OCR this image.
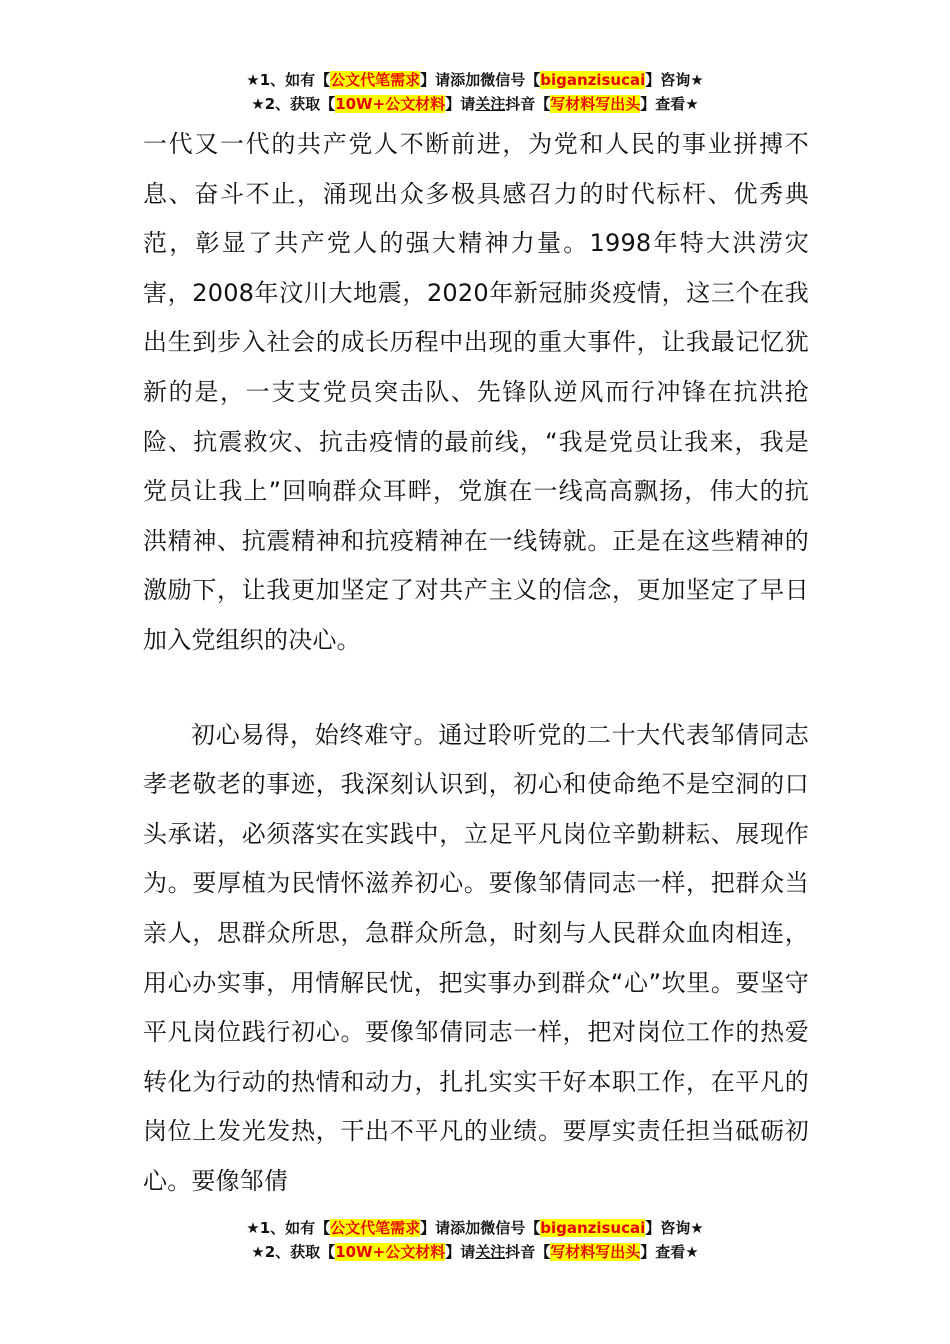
★1、如有【公文代笔需求】请添加微信号【biganzisucai】咨询★
★2、获取【10W+公文材料】请关注抖音【写材料写出头】查看★

一代又一代的共产党人不断前进，为党和人民的事业拼搏不息、奋斗不止，涌现出众多极具感召力的时代标杆、优秀典范，彰显了共产党人的强大精神力量。1998年特大洪涝灾害，2008年汶川大地震，2020年新冠肺炎疫情，这三个在我出生到步入社会的成长历程中出现的重大事件，让我最记忆犹新的是，一支支党员突击队、先锋队逆风而行冲锋在抗洪抢险、抗震救灾、抗击疫情的最前线，“我是党员让我来，我是党员让我上”回响群众耳畔，党旗在一线高高飘扬，伟大的抗洪精神、抗震精神和抗疫精神在一线铸就。正是在这些精神的激励下，让我更加坚定了对共产主义的信念，更加坚定了早日加入党组织的决心。

初心易得，始终难守。通过聆听党的二十大代表邹倩同志孝老敬老的事迹，我深刻认识到，初心和使命绝不是空洞的口头承诺，必须落实在实践中，立足平凡岗位辛勤耕耘、展现作为。要厚植为民情怀滋养初心。要像邹倩同志一样，把群众当亲人，思群众所思，急群众所急，时刻与人民群众血肉相连，用心办实事，用情解民忧，把实事办到群众“心”坎里。要坚守平凡岗位践行初心。要像邹倩同志一样，把对岗位工作的热爱转化为行动的热情和动力，扎扎实实干好本职工作，在平凡的岗位上发光发热，干出不平凡的业绩。要厚实责任担当砥砺初心。要像邹倩

★1、如有【公文代笔需求】请添加微信号【biganzisucai】咨询★
★2、获取【10W+公文材料】请关注抖音【写材料写出头】查看★
